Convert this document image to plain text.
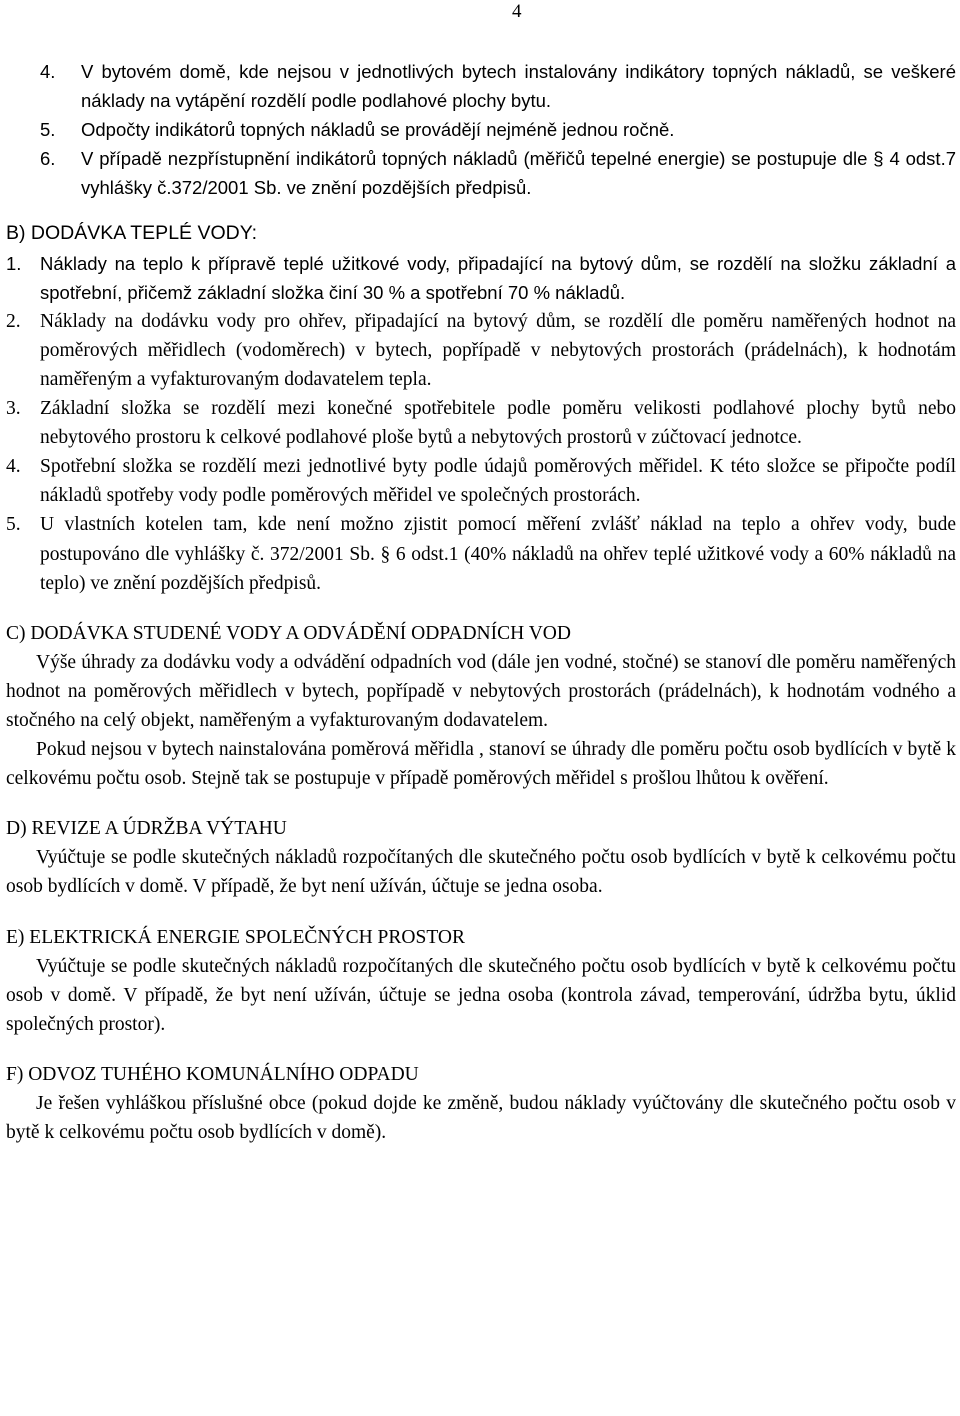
4
4.	V bytovém domě, kde nejsou v jednotlivých bytech instalovány indikátory topných nákladů, se veškeré náklady na vytápění rozdělí podle podlahové plochy bytu.
5.	Odpočty indikátorů topných nákladů se provádějí nejméně jednou ročně.
6.	V případě nezpřístupnění indikátorů topných nákladů (měřičů tepelné energie) se postupuje dle § 4 odst.7 vyhlášky č.372/2001 Sb. ve znění pozdějších předpisů.
B) DODÁVKA TEPLÉ VODY:
1.	Náklady na teplo k přípravě teplé užitkové vody, připadající na bytový dům, se rozdělí na složku základní a spotřební, přičemž základní složka činí 30 % a spotřební 70 % nákladů.
2. Náklady na dodávku vody pro ohřev, připadající na bytový dům, se rozdělí dle poměru naměřených hodnot na poměrových měřidlech (vodoměrech) v bytech, popřípadě v nebytových prostorách (prádelnách), k hodnotám naměřeným a vyfakturovaným dodavatelem tepla.
3. Základní složka se rozdělí mezi konečné spotřebitele podle poměru velikosti podlahové plochy bytů nebo nebytového prostoru k celkové podlahové ploše bytů a nebytových prostorů v zúčtovací jednotce.
4. Spotřební složka se rozdělí mezi jednotlivé byty podle údajů poměrových měřidel. K této složce se připočte podíl nákladů spotřeby vody podle poměrových měřidel ve společných prostorách.
5. U vlastních kotelen tam, kde není možno zjistit pomocí měření zvlášť náklad na teplo a ohřev vody, bude postupováno dle vyhlášky č. 372/2001 Sb. § 6 odst.1 (40% nákladů na ohřev teplé užitkové vody a 60% nákladů na teplo) ve znění pozdějších předpisů.
C) DODÁVKA STUDENÉ VODY A ODVÁDĚNÍ ODPADNÍCH VOD

Výše úhrady za dodávku vody a odvádění odpadních vod (dále jen vodné, stočné) se stanoví dle poměru naměřených hodnot na poměrových měřidlech v bytech, popřípadě v nebytových prostorách (prádelnách), k hodnotám vodného a stočného na celý objekt, naměřeným a vyfakturovaným dodavatelem.

Pokud nejsou v bytech nainstalována poměrová měřidla , stanoví se úhrady dle poměru počtu osob bydlících v bytě k celkovému počtu osob. Stejně tak se postupuje v případě poměrových měřidel s prošlou lhůtou k ověření.

D) REVIZE A ÚDRŽBA VÝTAHU

Vyúčtuje se podle skutečných nákladů rozpočítaných dle skutečného počtu osob bydlících v bytě k celkovému počtu osob bydlících v domě. V případě, že byt není užíván, účtuje se jedna osoba.

E) ELEKTRICKÁ ENERGIE SPOLEČNÝCH PROSTOR

Vyúčtuje se podle skutečných nákladů rozpočítaných dle skutečného počtu osob bydlících v bytě k celkovému počtu osob v domě. V případě, že byt není užíván, účtuje se jedna osoba (kontrola závad, temperování, údržba bytu, úklid společných prostor).

F) ODVOZ TUHÉHO KOMUNÁLNÍHO ODPADU

Je řešen vyhláškou příslušné obce (pokud dojde ke změně, budou náklady vyúčtovány dle skutečného počtu osob v bytě k celkovému počtu osob bydlících v domě).
